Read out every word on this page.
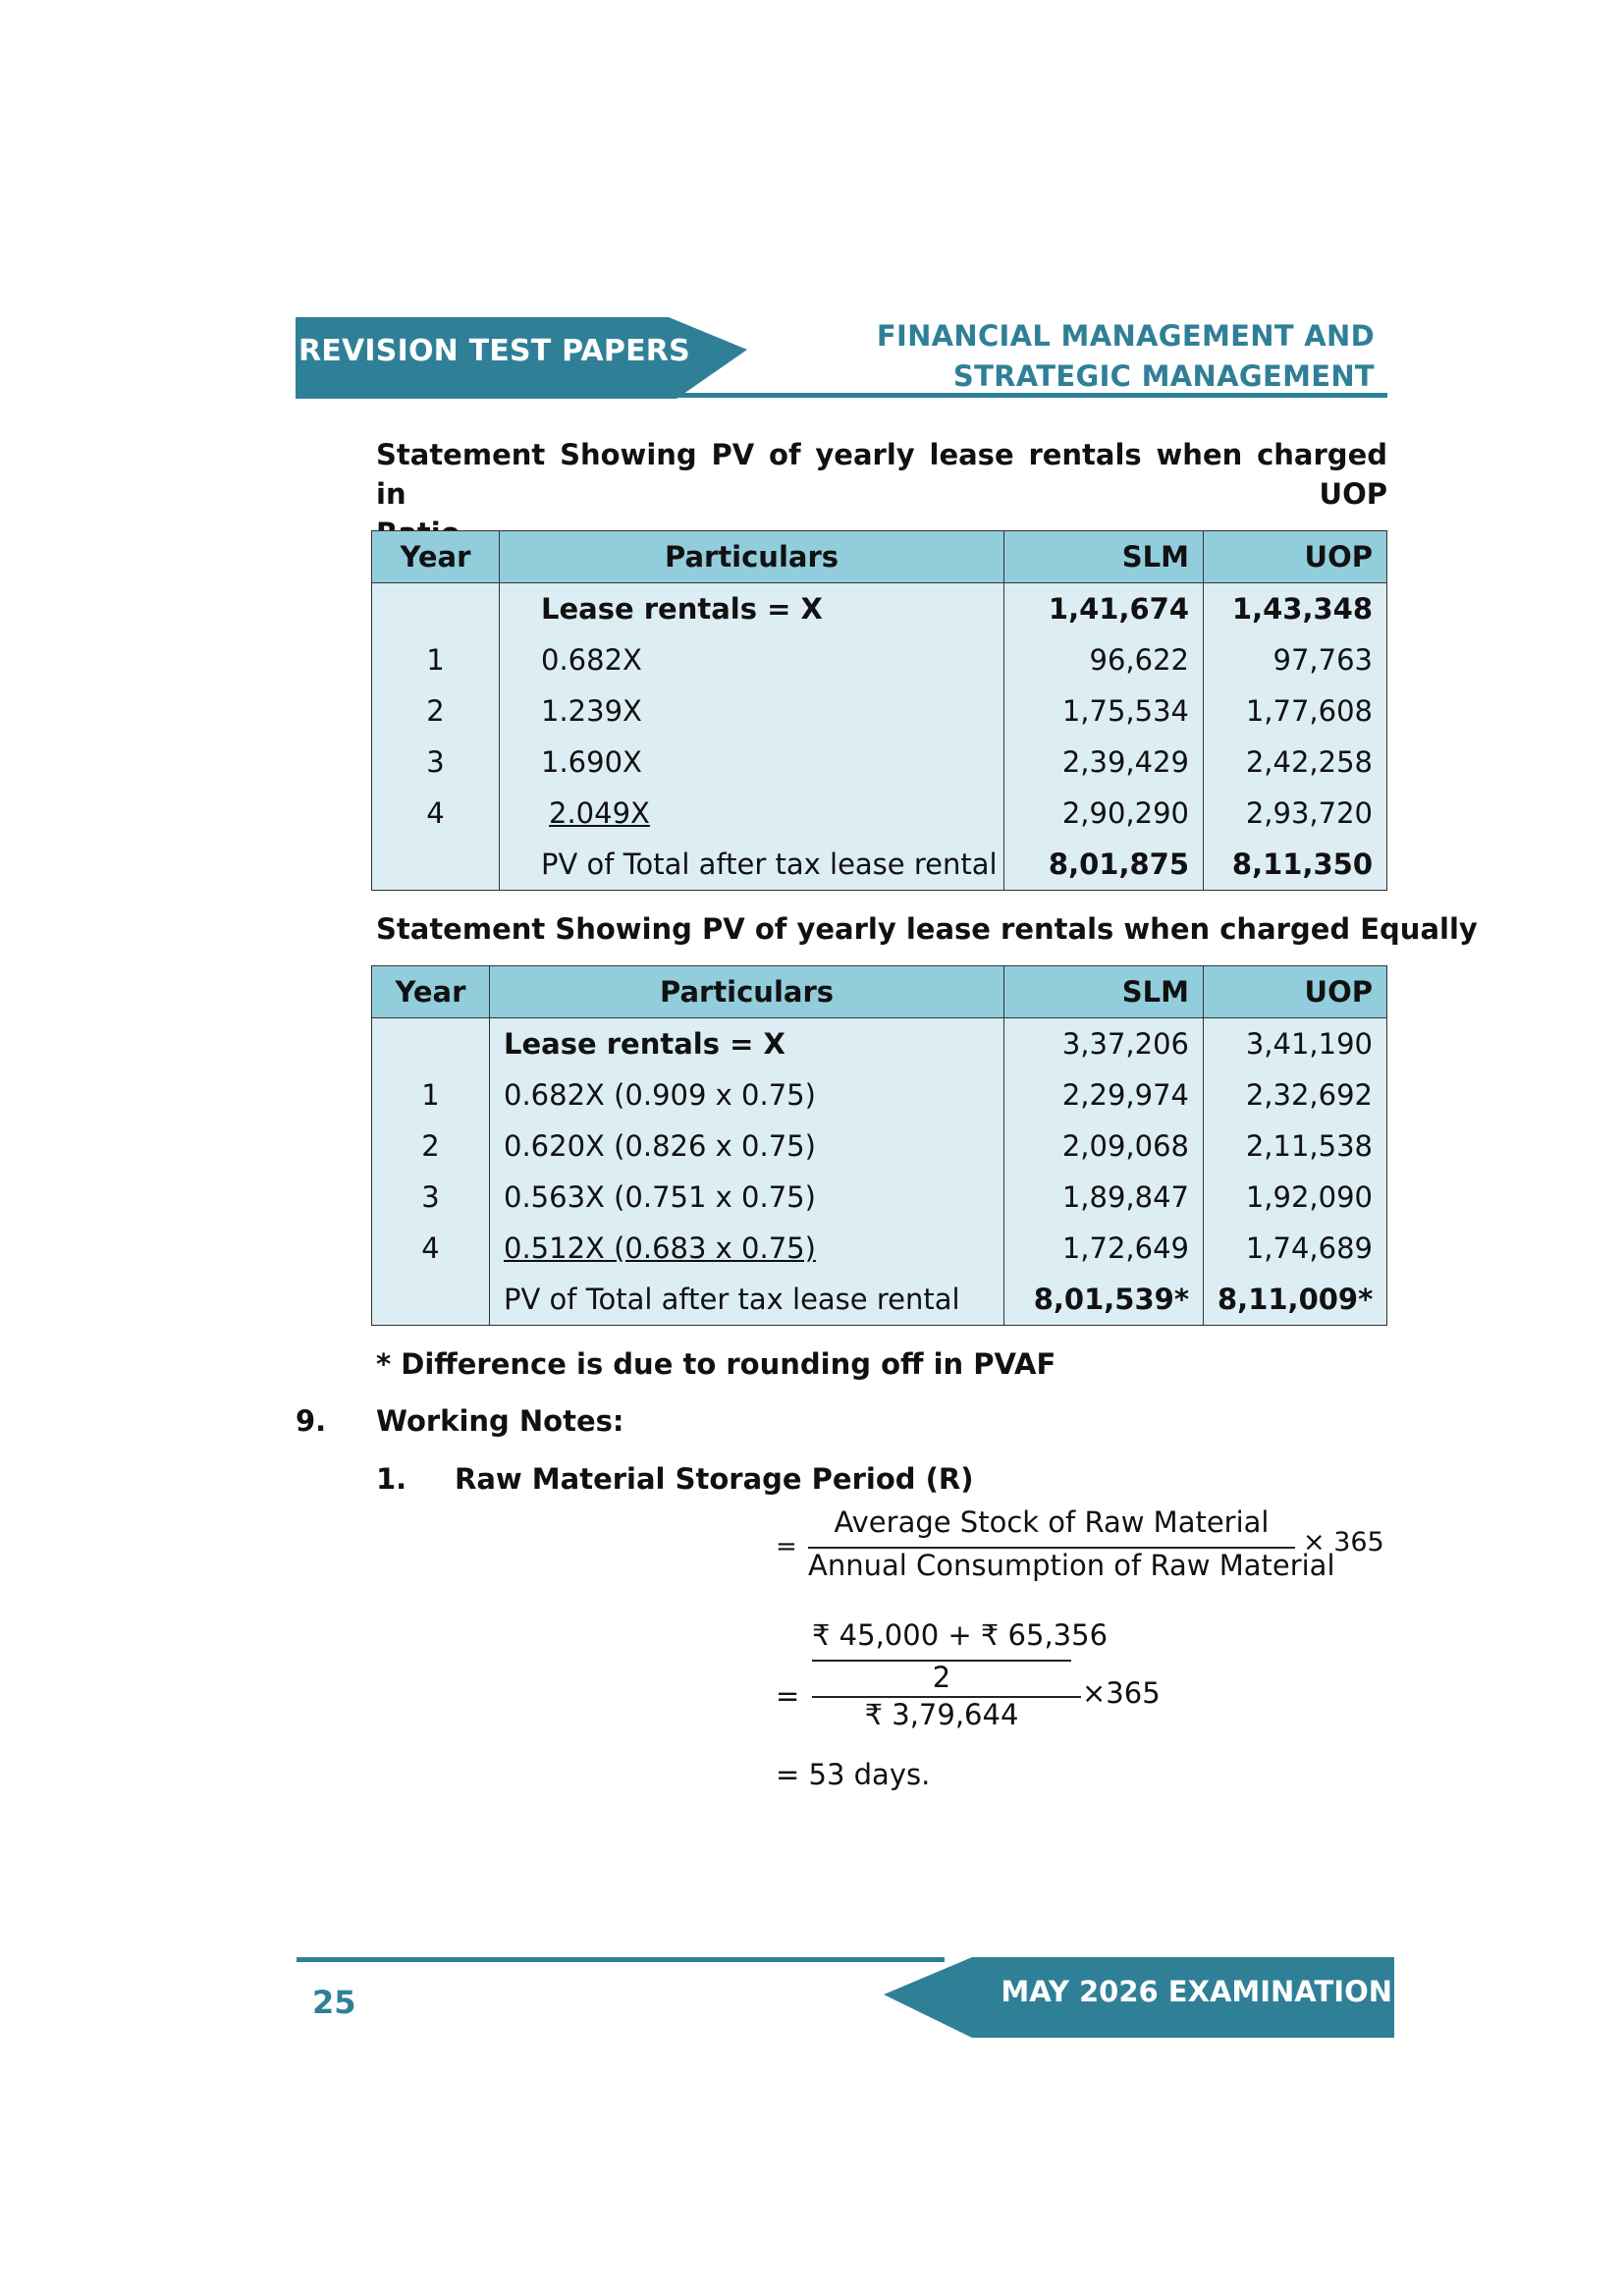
REVISION TEST PAPERS	FINANCIAL MANAGEMENT AND
STRATEGIC MANAGEMENT
Statement Showing PV of yearly lease rentals when charged in UOP
Year	Particulars	SLM	UOP
	Lease rentals = X	1,41,674	1,43,348
1	0.682X	96,622	97,763
2	1.239X	1,75,534	1,77,608
3	1.690X	2,39,429	2,42,258
4	2.049X	2,90,290	2,93,720
	PV of Total after tax lease rental	8,01,875	8,11,350
Statement Showing PV of yearly lease rentals when charged Equally
Year	Particulars	SLM	UOP
	Lease rentals = X	3,37,206	3,41,190
1	0.682X (0.909 x 0.75)	2,29,974	2,32,692
2	0.620X (0.826 x 0.75)	2,09,068	2,11,538
3	0.563X (0.751 x 0.75)	1,89,847	1,92,090
4	0.512X (0.683 x 0.75)	1,72,649	1,74,689
	PV of Total after tax lease rental	8,01,539*	8,11,009*
* Difference is due to rounding off in PVAF
9. Working Notes:
1. Raw Material Storage Period (R)
=
Average Stock of Raw Material
Annual Consumption of Raw Material
× 365
₹ 45,000 + ₹ 65,356
2
=	×365
₹ 3,79,644
= 53 days.
MAY 2026 EXAMINATION
25
